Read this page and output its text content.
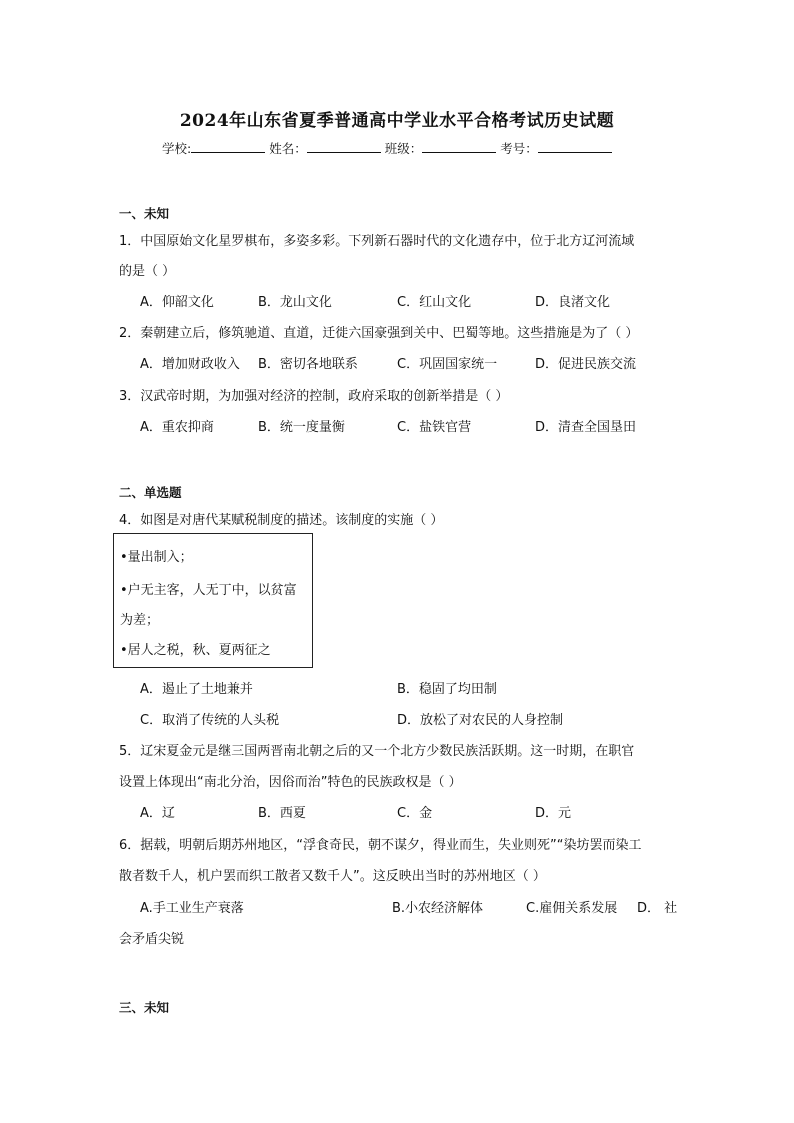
2024年山东省夏季普通高中学业水平合格考试历史试题
学校:	姓名：	班级：	考号：
一、未知
1．中国原始文化星罗棋布，多姿多彩。下列新石器时代的文化遗存中，位于北方辽河流域
的是（ ）
A．仰韶文化	B．龙山文化	C．红山文化	D．良渚文化
2．秦朝建立后，修筑驰道、直道，迁徙六国豪强到关中、巴蜀等地。这些措施是为了（ ）
A．增加财政收入 B．密切各地联系	C．巩固国家统一	D．促进民族交流
3．汉武帝时期，为加强对经济的控制，政府采取的创新举措是（ ）
A．重农抑商	B．统一度量衡	C．盐铁官营	D．清查全国垦田
二、单选题
4．如图是对唐代某赋税制度的描述。该制度的实施（ ）
•量出制入；
•户无主客，人无丁中，以贫富
为差；
•居人之税，秋、夏两征之
A．遏止了土地兼并	B．稳固了均田制
C．取消了传统的人头税	D．放松了对农民的人身控制
5．辽宋夏金元是继三国两晋南北朝之后的又一个北方少数民族活跃期。这一时期，在职官
设置上体现出“南北分治，因俗而治”特色的民族政权是（ ）
A．辽	B．西夏	C．金	D．元
6．据载，明朝后期苏州地区，“浮食奇民，朝不谋夕，得业而生，失业则死”“染坊罢而染工
散者数千人，机户罢而织工散者又数千人”。这反映出当时的苏州地区（ ）
A.手工业生产衰落	B.小农经济解体	C.雇佣关系发展 D． 社
会矛盾尖锐
三、未知
